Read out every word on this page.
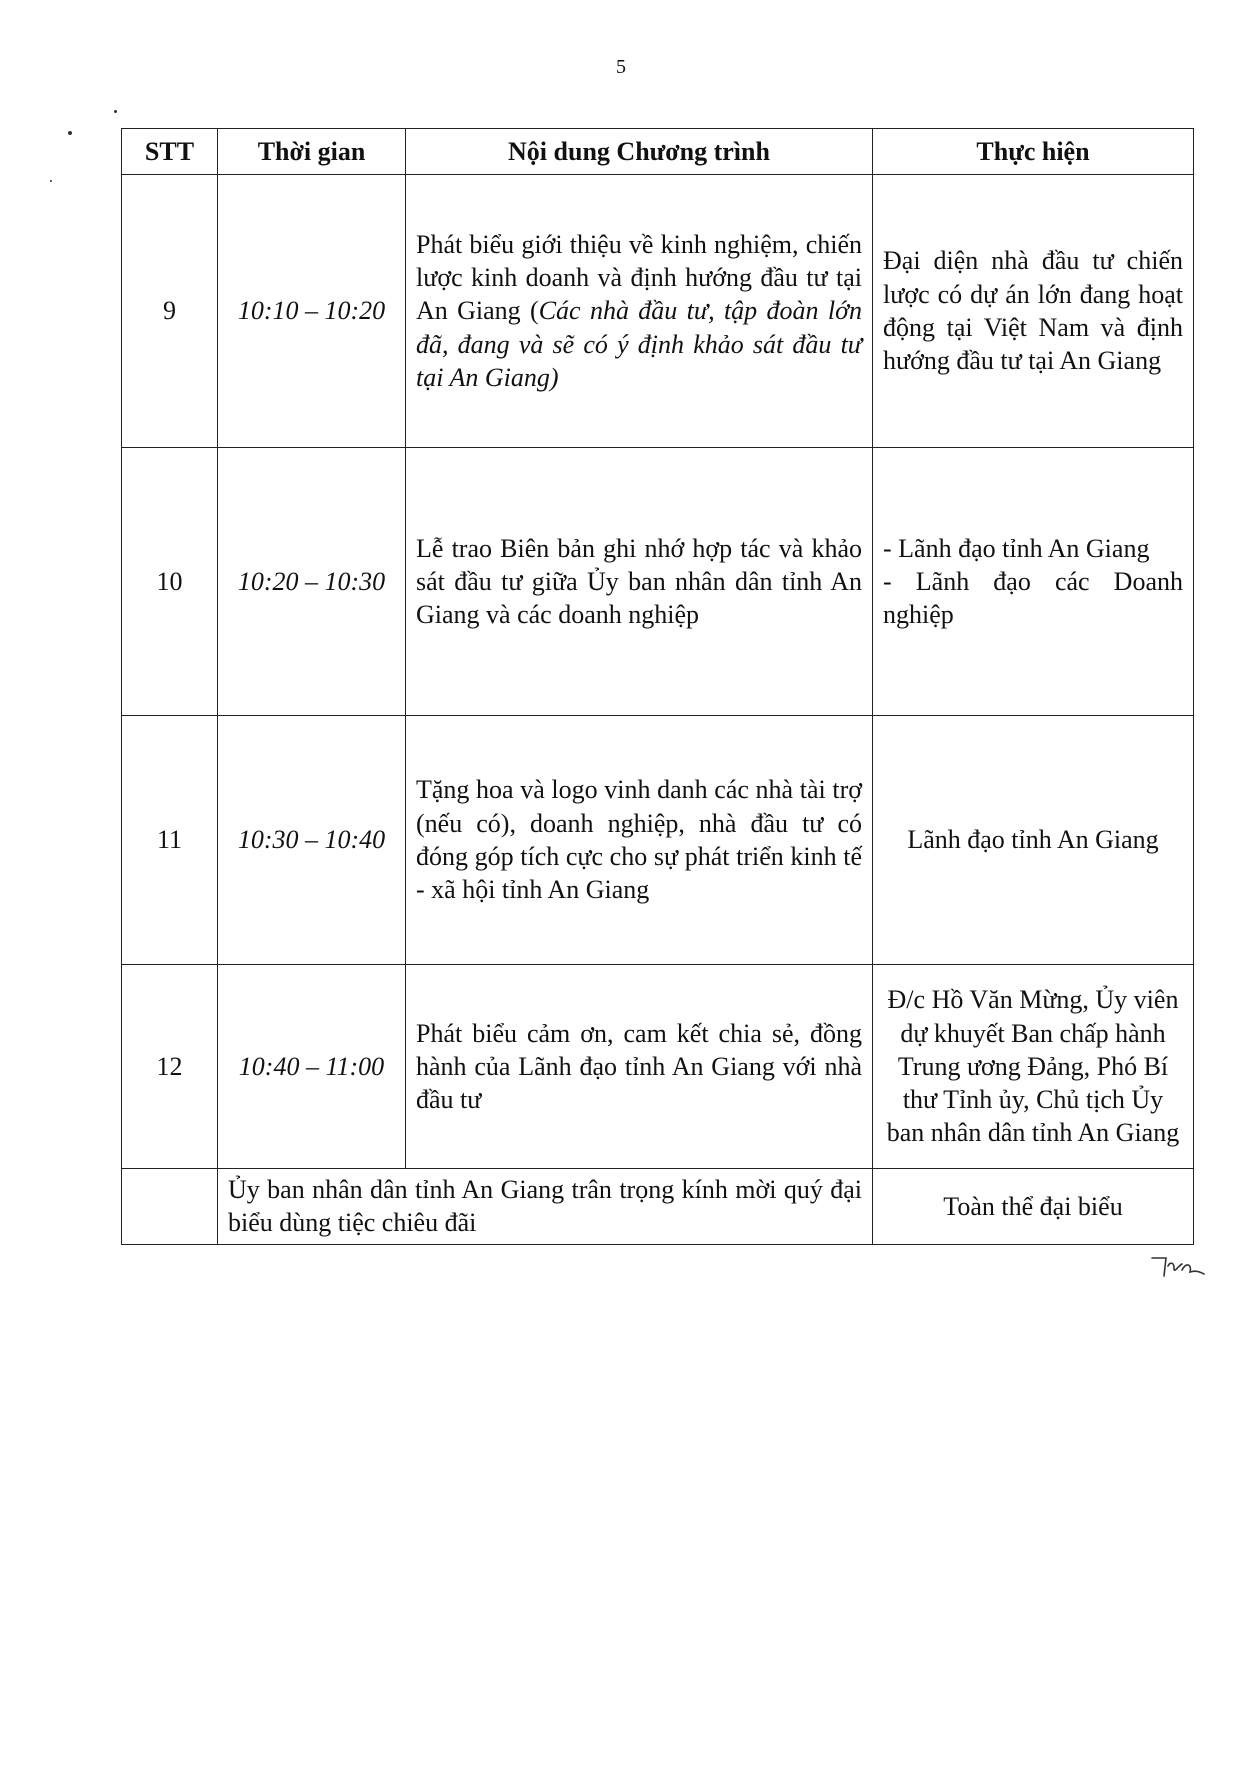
5
STT	Thời gian	Nội dung Chương trình	Thực hiện
9	10:10 – 10:20	Phát biểu giới thiệu về kinh nghiệm, chiến lược kinh doanh và định hướng đầu tư tại An Giang (Các nhà đầu tư, tập đoàn lớn đã, đang và sẽ có ý định khảo sát đầu tư tại An Giang)	Đại diện nhà đầu tư chiến lược có dự án lớn đang hoạt động tại Việt Nam và định hướng đầu tư tại An Giang
10	10:20 – 10:30	Lễ trao Biên bản ghi nhớ hợp tác và khảo sát đầu tư giữa Ủy ban nhân dân tỉnh An Giang và các doanh nghiệp	- Lãnh đạo tỉnh An Giang
- Lãnh đạo các Doanh nghiệp

11	10:30 – 10:40	Tặng hoa và logo vinh danh các nhà tài trợ (nếu có), doanh nghiệp, nhà đầu tư có đóng góp tích cực cho sự phát triển kinh tế - xã hội tỉnh An Giang	Lãnh đạo tỉnh An Giang
12	10:40 – 11:00	Phát biểu cảm ơn, cam kết chia sẻ, đồng hành của Lãnh đạo tỉnh An Giang với nhà đầu tư	Đ/c Hồ Văn Mừng, Ủy viên dự khuyết Ban chấp hành Trung ương Đảng, Phó Bí thư Tỉnh ủy, Chủ tịch Ủy ban nhân dân tỉnh An Giang
	Ủy ban nhân dân tỉnh An Giang trân trọng kính mời quý đại biểu dùng tiệc chiêu đãi		Toàn thể đại biểu
